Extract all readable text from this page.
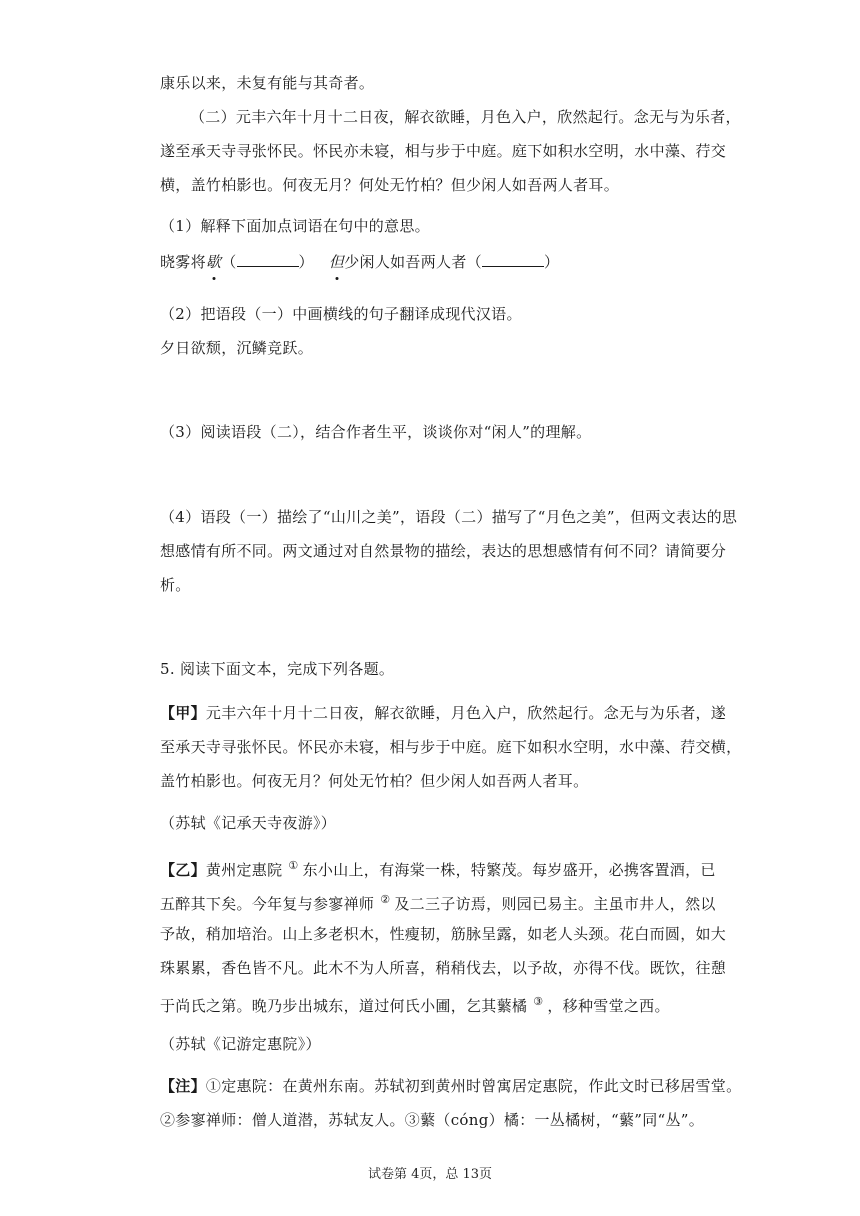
康乐以来，未复有能与其奇者。
（二）元丰六年十月十二日夜，解衣欲睡，月色入户，欣然起行。念无与为乐者，
遂至承天寺寻张怀民。怀民亦未寝，相与步于中庭。庭下如积水空明，水中藻、荇交
横，盖竹柏影也。何夜无月？何处无竹柏？但少闲人如吾两人者耳。
（1）解释下面加点词语在句中的意思。
晓雾将歇（	） 但少闲人如吾两人者（	）
（2）把语段（一）中画横线的句子翻译成现代汉语。
夕日欲颓，沉鳞竞跃。
（3）阅读语段（二），结合作者生平，谈谈你对“闲人”的理解。
（4）语段（一）描绘了“山川之美”，语段（二）描写了“月色之美”，但两文表达的思
想感情有所不同。两文通过对自然景物的描绘，表达的思想感情有何不同？请简要分
析。
5. 阅读下面文本，完成下列各题。
【甲】元丰六年十月十二日夜，解衣欲睡，月色入户，欣然起行。念无与为乐者，遂
至承天寺寻张怀民。怀民亦未寝，相与步于中庭。庭下如积水空明，水中藻、荇交横，
盖竹柏影也。何夜无月？何处无竹柏？但少闲人如吾两人者耳。
（苏轼《记承天寺夜游》）
【乙】黄州定惠院 ① 东小山上，有海棠一株，特繁茂。每岁盛开，必携客置酒，已
五醉其下矣。今年复与参寥禅师 ② 及二三子访焉，则园已易主。主虽市井人，然以
予故，稍加培治。山上多老枳木，性瘦韧，筋脉呈露，如老人头颈。花白而圆，如大
珠累累，香色皆不凡。此木不为人所喜，稍稍伐去，以予故，亦得不伐。既饮，往憩
于尚氏之第。晚乃步出城东，道过何氏小圃，乞其蘩橘 ③ ，移种雪堂之西。
（苏轼《记游定惠院》）
【注】①定惠院：在黄州东南。苏轼初到黄州时曾寓居定惠院，作此文时已移居雪堂。
②参寥禅师：僧人道潜，苏轼友人。③蘩（cóng）橘：一丛橘树，“蘩”同“丛”。
试卷第 4页，总 13页
